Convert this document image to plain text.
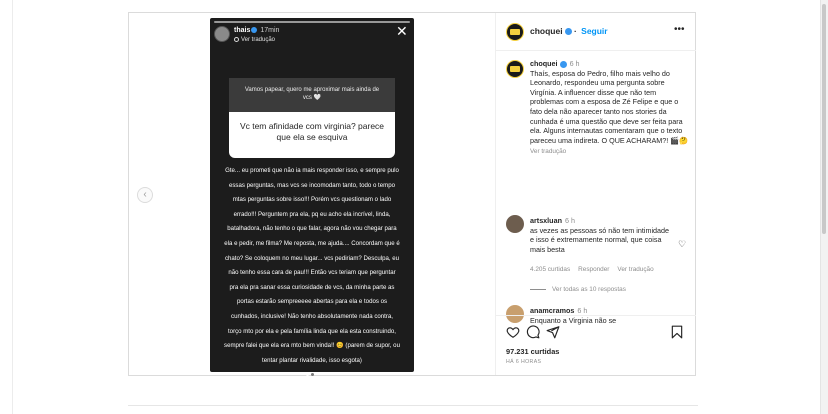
‹
thais 17min
Ver tradução
✕
Vamos papear, quero me aproximar mais ainda de vcs 🤍
Vc tem afinidade com virginia? parece que ela se esquiva
Gte... eu prometi que não ia mais responder isso, e sempre pulo essas perguntas, mas vcs se incomodam tanto, todo o tempo mtas perguntas sobre isso!!! Porém vcs questionam o lado errado!!! Perguntem pra ela, pq eu acho ela incrível, linda, batalhadora, não tenho o que falar, agora não vou chegar para ela e pedir, me filma? Me reposta, me ajuda.... Concordam que é chato? Se coloquem no meu lugar... vcs pediriam? Desculpa, eu não tenho essa cara de pau!!! Então vcs teriam que perguntar pra ela pra sanar essa curiosidade de vcs, da minha parte as portas estarão sempreeeee abertas para ela e todos os cunhados, inclusive! Não tenho absolutamente nada contra, torço mto por ela e pela família linda que ela esta construindo, sempre falei que ela era mto bem vinda!! 😊 (parem de supor, ou tentar plantar rivalidade, isso esgota)
choquei · Seguir	•••
choquei 6 h
Thaís, esposa do Pedro, filho mais velho do Leonardo, respondeu uma pergunta sobre Virgínia. A influencer disse que não tem problemas com a esposa de Zé Felipe e que o fato dela não aparecer tanto nos stories da cunhada é uma questão que deve ser feita para ela. Alguns internautas comentaram que o texto pareceu uma indireta. O QUE ACHARAM?! 🎬🤔
Ver tradução
artsxluan 6 h
as vezes as pessoas só não tem intimidade e isso é extremamente normal, que coisa mais besta
♡
4.205 curtidas Responder Ver tradução
Ver todas as 10 respostas
anamcramos 6 h
Enquanto a Virginia não se
97.231 curtidas
HÁ 6 HORAS
